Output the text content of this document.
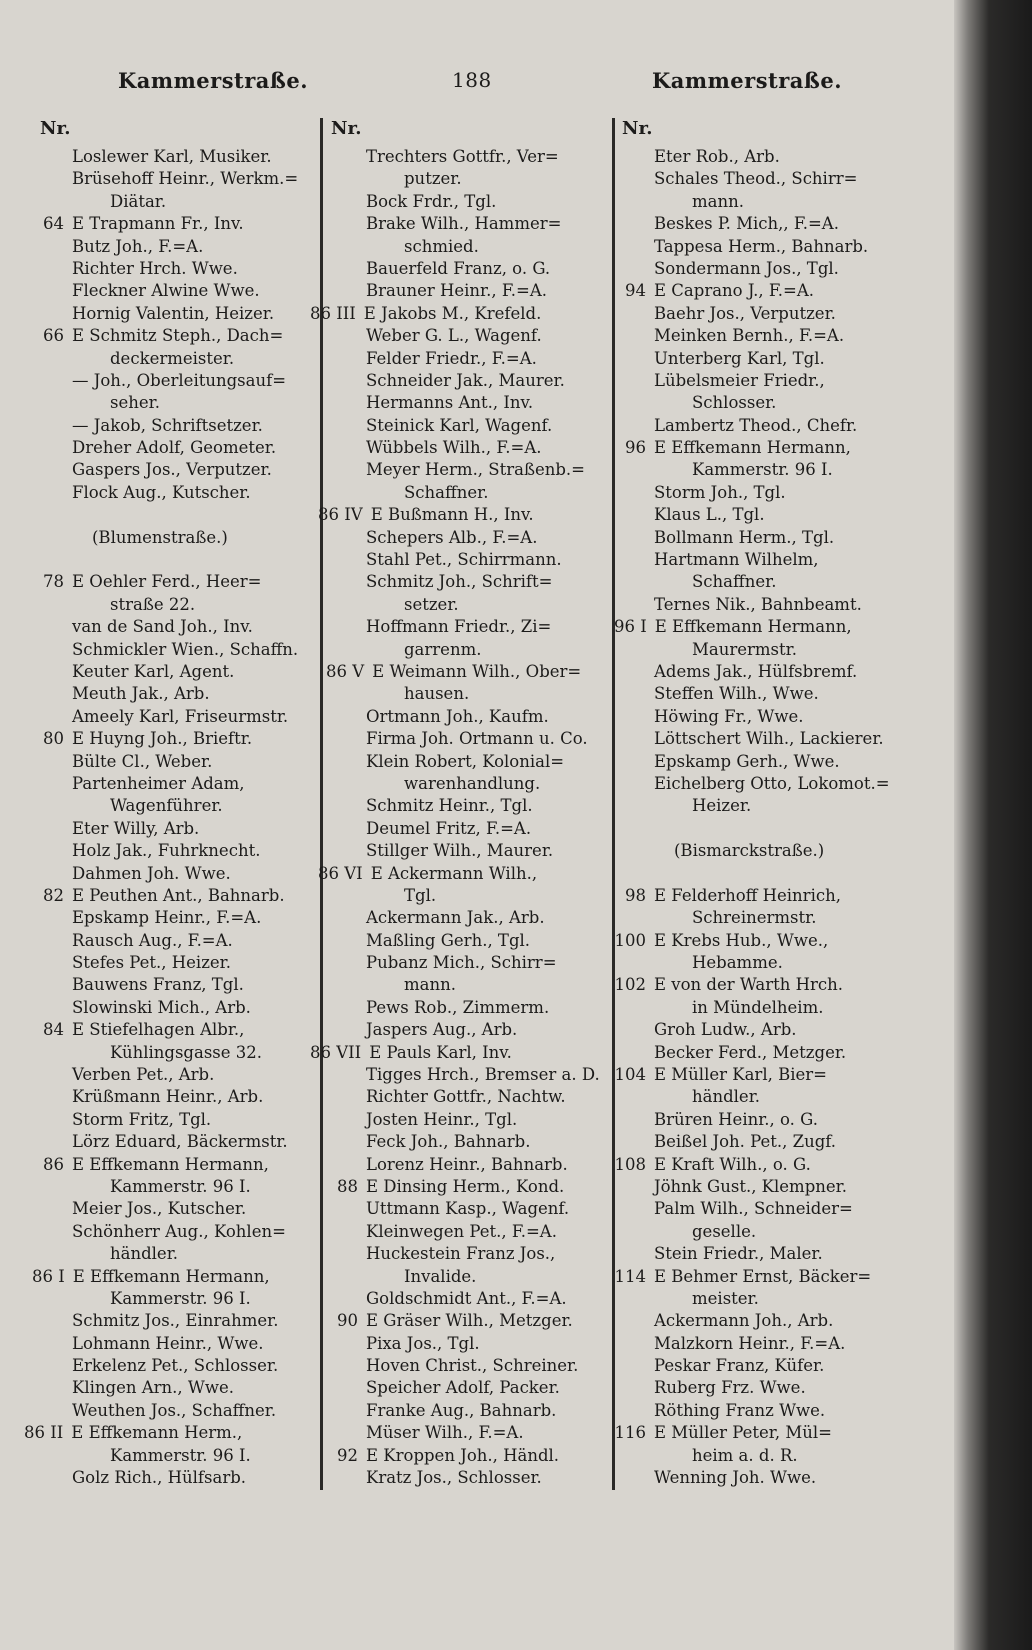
Kammerstraße.	188	Kammerstraße.
Nr.	Nr.	Nr.
Loslewer Karl, Musiker.
Brüsehoff Heinr., Werkm.=
Diätar.
64 E Trapmann Fr., Inv.
Butz Joh., F.=A.
Richter Hrch. Wwe.
Fleckner Alwine Wwe.
Hornig Valentin, Heizer.
66 E Schmitz Steph., Dach=
deckermeister.
— Joh., Oberleitungsauf=
seher.
— Jakob, Schriftsetzer.
Dreher Adolf, Geometer.
Gaspers Jos., Verputzer.
Flock Aug., Kutscher.
(Blumenstraße.)
78 E Oehler Ferd., Heer=
straße 22.
van de Sand Joh., Inv.
Schmickler Wien., Schaffn.
Keuter Karl, Agent.
Meuth Jak., Arb.
Ameely Karl, Friseurmstr.
80 E Huyng Joh., Brieftr.
Bülte Cl., Weber.
Partenheimer Adam,
Wagenführer.
Eter Willy, Arb.
Holz Jak., Fuhrknecht.
Dahmen Joh. Wwe.
82 E Peuthen Ant., Bahnarb.
Epskamp Heinr., F.=A.
Rausch Aug., F.=A.
Stefes Pet., Heizer.
Bauwens Franz, Tgl.
Slowinski Mich., Arb.
84 E Stiefelhagen Albr.,
Kühlingsgasse 32.
Verben Pet., Arb.
Krüßmann Heinr., Arb.
Storm Fritz, Tgl.
Lörz Eduard, Bäckermstr.
86 E Effkemann Hermann,
Kammerstr. 96 I.
Meier Jos., Kutscher.
Schönherr Aug., Kohlen=
händler.
86 I E Effkemann Hermann,
Kammerstr. 96 I.
Schmitz Jos., Einrahmer.
Lohmann Heinr., Wwe.
Erkelenz Pet., Schlosser.
Klingen Arn., Wwe.
Weuthen Jos., Schaffner.
86 II E Effkemann Herm.,
Kammerstr. 96 I.
Golz Rich., Hülfsarb.
Trechters Gottfr., Ver=
putzer.
Bock Frdr., Tgl.
Brake Wilh., Hammer=
schmied.
Bauerfeld Franz, o. G.
Brauner Heinr., F.=A.
86 III E Jakobs M., Krefeld.
Weber G. L., Wagenf.
Felder Friedr., F.=A.
Schneider Jak., Maurer.
Hermanns Ant., Inv.
Steinick Karl, Wagenf.
Wübbels Wilh., F.=A.
Meyer Herm., Straßenb.=
Schaffner.
86 IV E Bußmann H., Inv.
Schepers Alb., F.=A.
Stahl Pet., Schirrmann.
Schmitz Joh., Schrift=
setzer.
Hoffmann Friedr., Zi=
garrenm.
86 V E Weimann Wilh., Ober=
hausen.
Ortmann Joh., Kaufm.
Firma Joh. Ortmann u. Co.
Klein Robert, Kolonial=
warenhandlung.
Schmitz Heinr., Tgl.
Deumel Fritz, F.=A.
Stillger Wilh., Maurer.
86 VI E Ackermann Wilh.,
Tgl.
Ackermann Jak., Arb.
Maßling Gerh., Tgl.
Pubanz Mich., Schirr=
mann.
Pews Rob., Zimmerm.
Jaspers Aug., Arb.
86 VII E Pauls Karl, Inv.
Tigges Hrch., Bremser a. D.
Richter Gottfr., Nachtw.
Josten Heinr., Tgl.
Feck Joh., Bahnarb.
Lorenz Heinr., Bahnarb.
88 E Dinsing Herm., Kond.
Uttmann Kasp., Wagenf.
Kleinwegen Pet., F.=A.
Huckestein Franz Jos.,
Invalide.
Goldschmidt Ant., F.=A.
90 E Gräser Wilh., Metzger.
Pixa Jos., Tgl.
Hoven Christ., Schreiner.
Speicher Adolf, Packer.
Franke Aug., Bahnarb.
Müser Wilh., F.=A.
92 E Kroppen Joh., Händl.
Kratz Jos., Schlosser.
Eter Rob., Arb.
Schales Theod., Schirr=
mann.
Beskes P. Mich,, F.=A.
Tappesa Herm., Bahnarb.
Sondermann Jos., Tgl.
94 E Caprano J., F.=A.
Baehr Jos., Verputzer.
Meinken Bernh., F.=A.
Unterberg Karl, Tgl.
Lübelsmeier Friedr.,
Schlosser.
Lambertz Theod., Chefr.
96 E Effkemann Hermann,
Kammerstr. 96 I.
Storm Joh., Tgl.
Klaus L., Tgl.
Bollmann Herm., Tgl.
Hartmann Wilhelm,
Schaffner.
Ternes Nik., Bahnbeamt.
96 I E Effkemann Hermann,
Maurermstr.
Adems Jak., Hülfsbremf.
Steffen Wilh., Wwe.
Höwing Fr., Wwe.
Löttschert Wilh., Lackierer.
Epskamp Gerh., Wwe.
Eichelberg Otto, Lokomot.=
Heizer.
(Bismarckstraße.)
98 E Felderhoff Heinrich,
Schreinermstr.
100 E Krebs Hub., Wwe.,
Hebamme.
102 E von der Warth Hrch.
in Mündelheim.
Groh Ludw., Arb.
Becker Ferd., Metzger.
104 E Müller Karl, Bier=
händler.
Brüren Heinr., o. G.
Beißel Joh. Pet., Zugf.
108 E Kraft Wilh., o. G.
Jöhnk Gust., Klempner.
Palm Wilh., Schneider=
geselle.
Stein Friedr., Maler.
114 E Behmer Ernst, Bäcker=
meister.
Ackermann Joh., Arb.
Malzkorn Heinr., F.=A.
Peskar Franz, Küfer.
Ruberg Frz. Wwe.
Röthing Franz Wwe.
116 E Müller Peter, Mül=
heim a. d. R.
Wenning Joh. Wwe.
